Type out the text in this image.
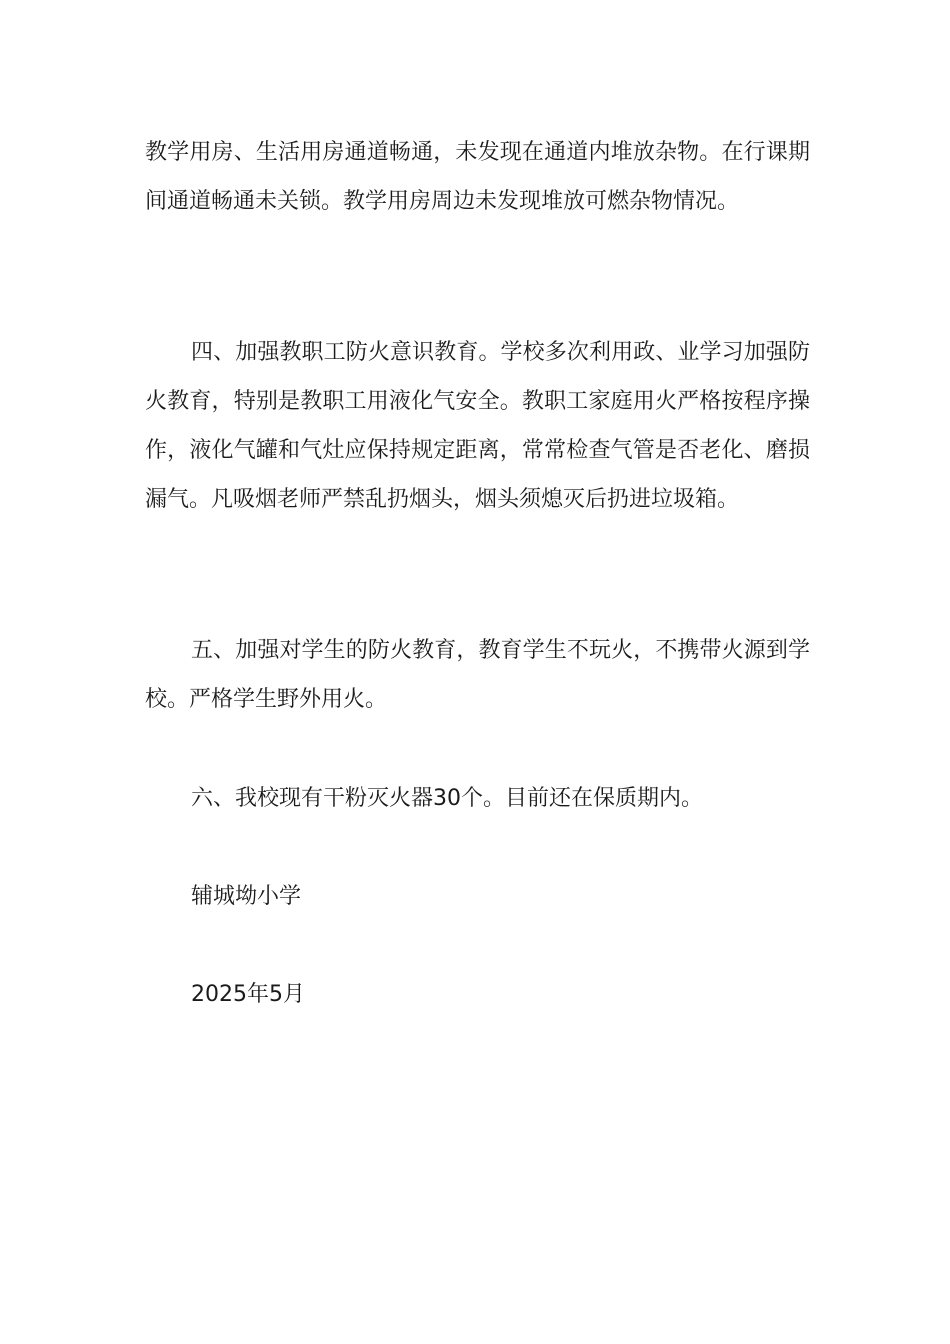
教学用房、生活用房通道畅通，未发现在通道内堆放杂物。在行课期间通道畅通未关锁。教学用房周边未发现堆放可燃杂物情况。

四、加强教职工防火意识教育。学校多次利用政、业学习加强防火教育，特别是教职工用液化气安全。教职工家庭用火严格按程序操作，液化气罐和气灶应保持规定距离，常常检查气管是否老化、磨损漏气。凡吸烟老师严禁乱扔烟头，烟头须熄灭后扔进垃圾箱。

五、加强对学生的防火教育，教育学生不玩火，不携带火源到学校。严格学生野外用火。

六、我校现有干粉灭火器30个。目前还在保质期内。

辅城坳小学

2025年5月
